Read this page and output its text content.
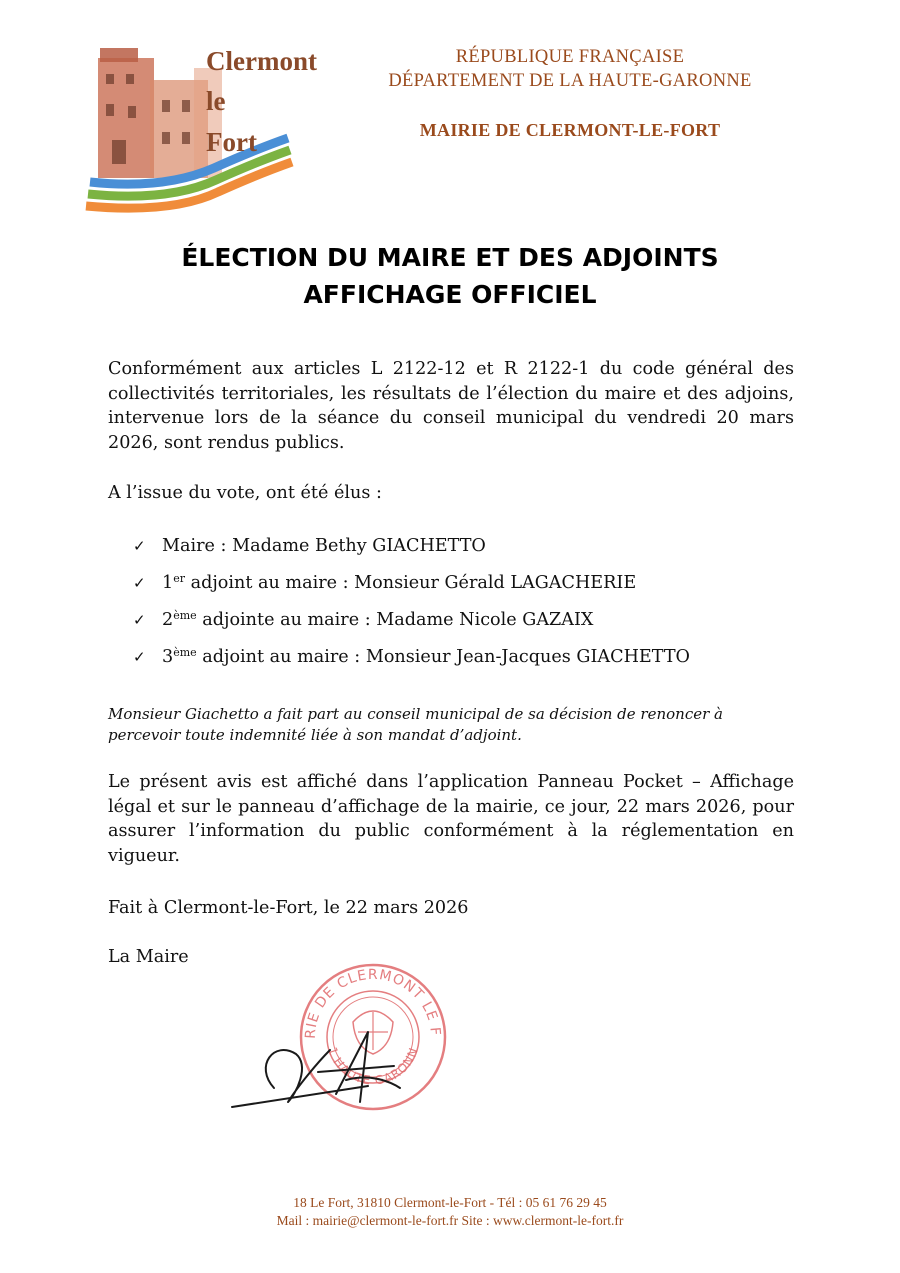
Clermont
le
Fort
RÉPUBLIQUE FRANÇAISE
DÉPARTEMENT DE LA HAUTE-GARONNE
MAIRIE DE CLERMONT-LE-FORT
ÉLECTION DU MAIRE ET DES ADJOINTS
AFFICHAGE OFFICIEL
Conformément aux articles L 2122-12 et R 2122-1 du code général des collectivités territoriales, les résultats de l’élection du maire et des adjoins, intervenue lors de la séance du conseil municipal du vendredi 20 mars 2026, sont rendus publics.
A l’issue du vote, ont été élus :
✓ Maire : Madame Bethy GIACHETTO
✓ 1er adjoint au maire : Monsieur Gérald LAGACHERIE
✓ 2ème adjointe au maire : Madame Nicole GAZAIX
✓ 3ème adjoint au maire : Monsieur Jean-Jacques GIACHETTO
Monsieur Giachetto a fait part au conseil municipal de sa décision de renoncer à percevoir toute indemnité liée à son mandat d’adjoint.
Le présent avis est affiché dans l’application Panneau Pocket – Affichage légal et sur le panneau d’affichage de la mairie, ce jour, 22 mars 2026, pour assurer l’information du public conformément à la réglementation en vigueur.
Fait à Clermont-le-Fort, le 22 mars 2026
La Maire
RIE DE CLERMONT LE F
1 HAUTE GARONN
18 Le Fort, 31810 Clermont-le-Fort - Tél : 05 61 76 29 45
Mail : mairie@clermont-le-fort.fr Site : www.clermont-le-fort.fr
